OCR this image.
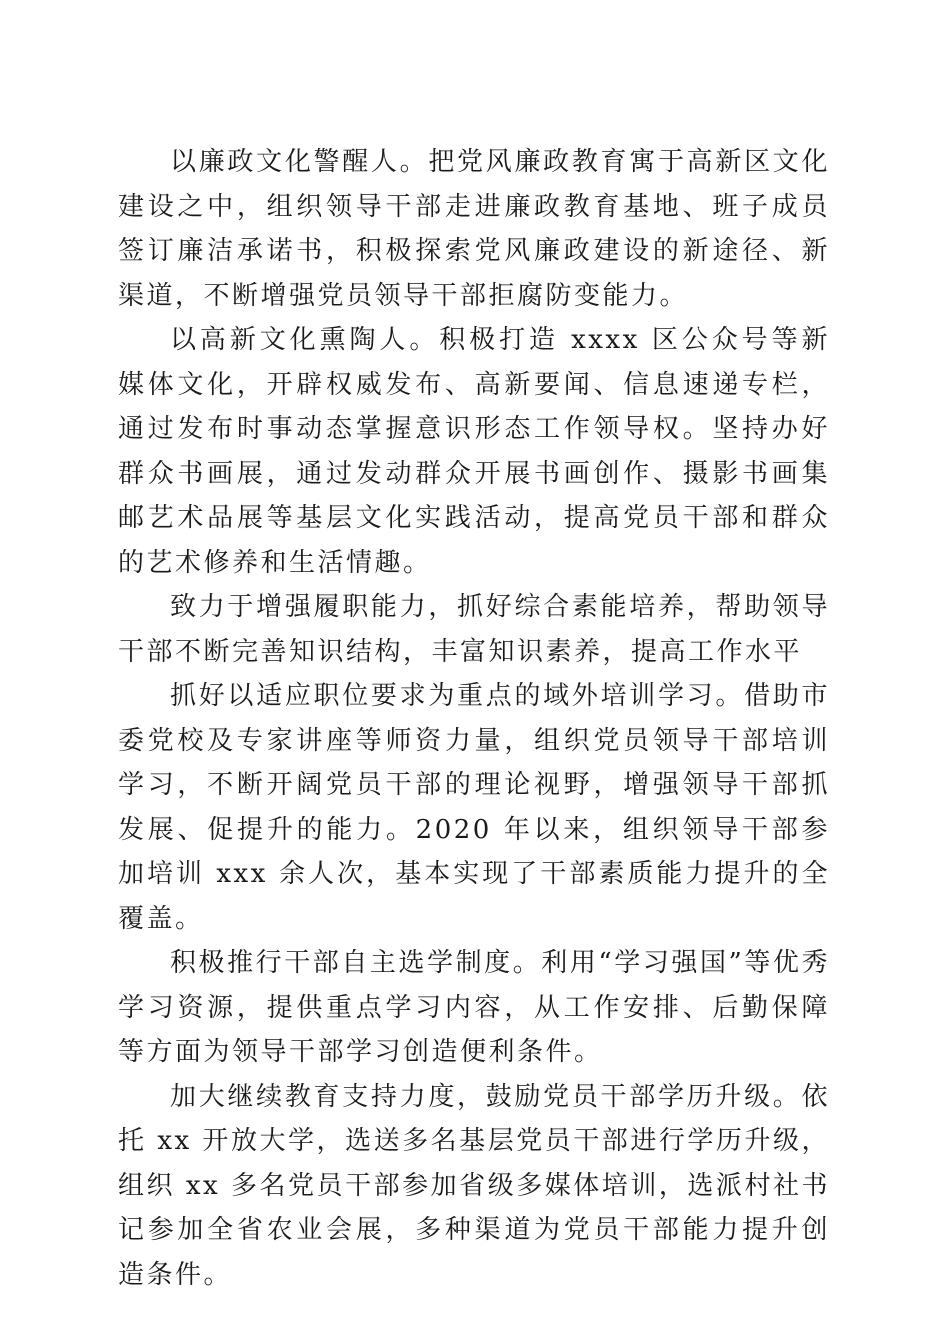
以廉政文化警醒人。把党风廉政教育寓于高新区文化建设之中，组织领导干部走进廉政教育基地、班子成员签订廉洁承诺书，积极探索党风廉政建设的新途径、新渠道，不断增强党员领导干部拒腐防变能力。

以高新文化熏陶人。积极打造 xxxx 区公众号等新媒体文化，开辟权威发布、高新要闻、信息速递专栏，通过发布时事动态掌握意识形态工作领导权。坚持办好群众书画展，通过发动群众开展书画创作、摄影书画集邮艺术品展等基层文化实践活动，提高党员干部和群众的艺术修养和生活情趣。

致力于增强履职能力，抓好综合素能培养，帮助领导干部不断完善知识结构，丰富知识素养，提高工作水平

抓好以适应职位要求为重点的域外培训学习。借助市委党校及专家讲座等师资力量，组织党员领导干部培训学习，不断开阔党员干部的理论视野，增强领导干部抓发展、促提升的能力。2020 年以来，组织领导干部参加培训 xxx 余人次，基本实现了干部素质能力提升的全覆盖。

积极推行干部自主选学制度。利用“学习强国”等优秀学习资源，提供重点学习内容，从工作安排、后勤保障等方面为领导干部学习创造便利条件。

加大继续教育支持力度，鼓励党员干部学历升级。依托 xx 开放大学，选送多名基层党员干部进行学历升级，组织 xx 多名党员干部参加省级多媒体培训，选派村社书记参加全省农业会展，多种渠道为党员干部能力提升创造条件。
